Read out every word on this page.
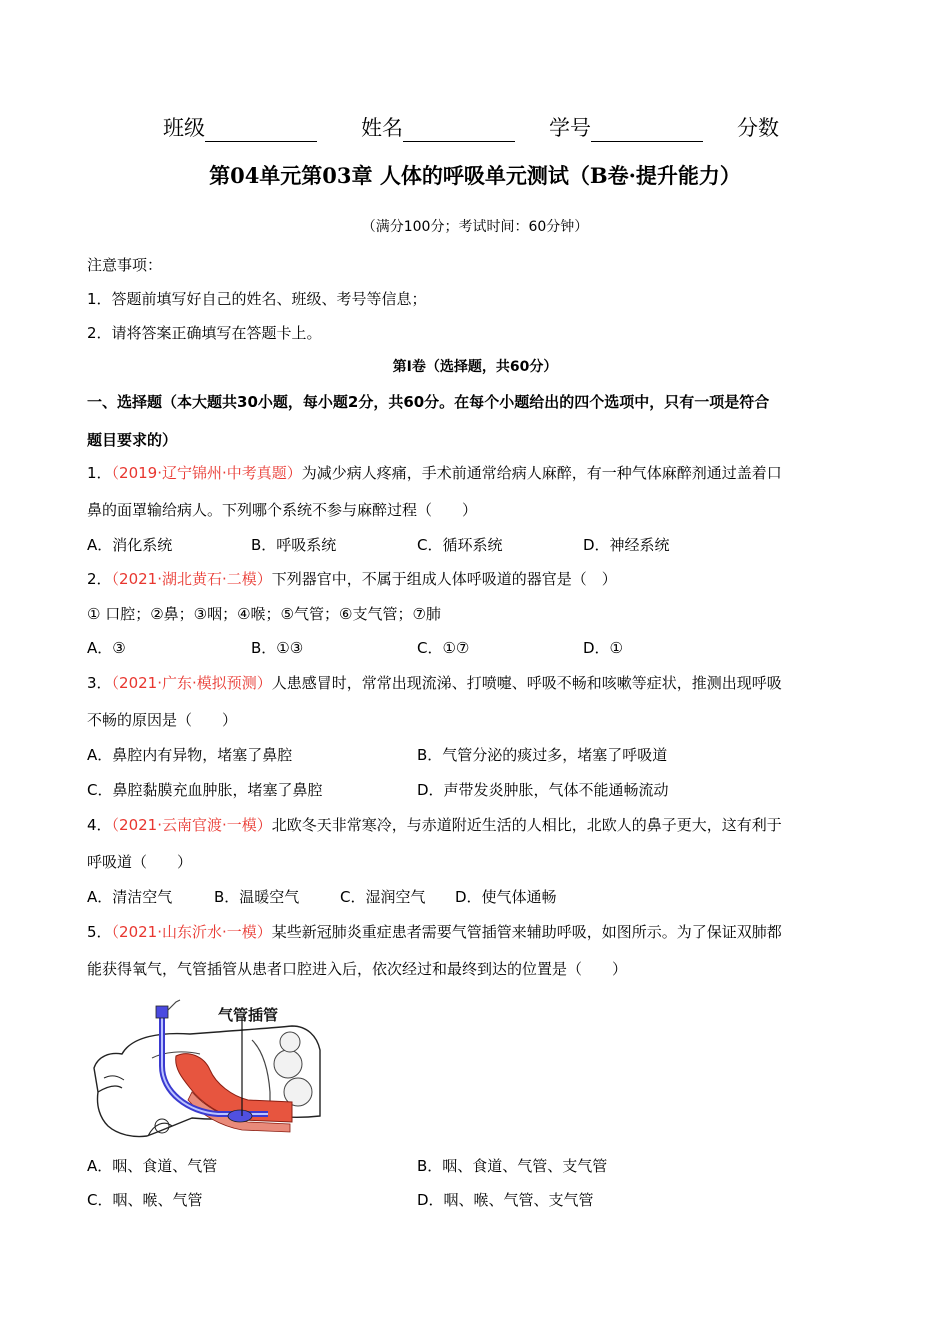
班级	姓名	学号	分数
第04单元第03章 人体的呼吸单元测试（B卷·提升能力）
（满分100分；考试时间：60分钟）
注意事项：
1．答题前填写好自己的姓名、班级、考号等信息；
2．请将答案正确填写在答题卡上。
第Ⅰ卷（选择题，共60分）
一、选择题（本大题共30小题，每小题2分，共60分。在每个小题给出的四个选项中，只有一项是符合
题目要求的）
1．（2019·辽宁锦州·中考真题）为减少病人疼痛，手术前通常给病人麻醉，有一种气体麻醉剂通过盖着口
鼻的面罩输给病人。下列哪个系统不参与麻醉过程（　　）
A．消化系统	B．呼吸系统	C．循环系统	D．神经系统
2．（2021·湖北黄石·二模）下列器官中，不属于组成人体呼吸道的器官是（　）
① 口腔；②鼻；③咽；④喉；⑤气管；⑥支气管；⑦肺
A．③	B．①③	C．①⑦	D．①
3．（2021·广东·模拟预测）人患感冒时，常常出现流涕、打喷嚏、呼吸不畅和咳嗽等症状，推测出现呼吸
不畅的原因是（　　）
A．鼻腔内有异物，堵塞了鼻腔	B．气管分泌的痰过多，堵塞了呼吸道
C．鼻腔黏膜充血肿胀，堵塞了鼻腔	D．声带发炎肿胀，气体不能通畅流动
4．（2021·云南官渡·一模）北欧冬天非常寒冷，与赤道附近生活的人相比，北欧人的鼻子更大，这有利于
呼吸道（　　）
A．清洁空气	B．温暖空气	C．湿润空气 D．使气体通畅
5．（2021·山东沂水·一模）某些新冠肺炎重症患者需要气管插管来辅助呼吸，如图所示。为了保证双肺都
能获得氧气，气管插管从患者口腔进入后，依次经过和最终到达的位置是（　　）
气管插管
A．咽、食道、气管	B．咽、食道、气管、支气管
C．咽、喉、气管	D．咽、喉、气管、支气管
